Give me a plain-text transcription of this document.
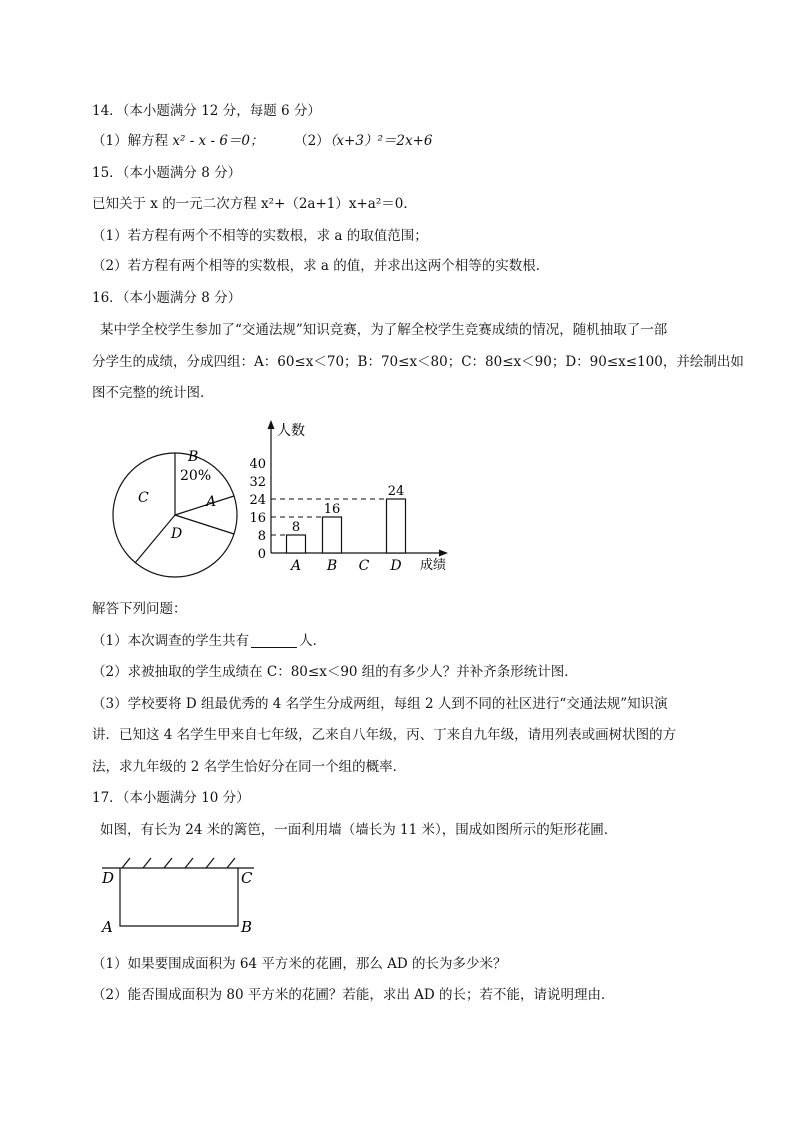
14．（本小题满分 12 分，每题 6 分）
（1）解方程 x² - x - 6＝0； （2）（x+3）²＝2x+6
15．（本小题满分 8 分）
已知关于 x 的一元二次方程 x²+（2a+1）x+a²＝0．
（1）若方程有两个不相等的实数根，求 a 的取值范围；
（2）若方程有两个相等的实数根，求 a 的值，并求出这两个相等的实数根．
16．（本小题满分 8 分）
某中学全校学生参加了“交通法规”知识竞赛，为了解全校学生竞赛成绩的情况，随机抽取了一部
分学生的成绩，分成四组：A：60≤x＜70；B：70≤x＜80；C：80≤x＜90；D：90≤x≤100，并绘制出如
图不完整的统计图．
B
20%
A
C
D
人数
成绩
0
8
16
24
32
40
8
16
24
A B C D
解答下列问题：
（1）本次调查的学生共有	人．
（2）求被抽取的学生成绩在 C：80≤x＜90 组的有多少人？并补齐条形统计图．
（3）学校要将 D 组最优秀的 4 名学生分成两组，每组 2 人到不同的社区进行“交通法规”知识演
讲．已知这 4 名学生甲来自七年级，乙来自八年级，丙、丁来自九年级，请用列表或画树状图的方
法，求九年级的 2 名学生恰好分在同一个组的概率．
17．（本小题满分 10 分）
如图，有长为 24 米的篱笆，一面利用墙（墙长为 11 米），围成如图所示的矩形花圃．
D	C
A	B
（1）如果要围成面积为 64 平方米的花圃，那么 AD 的长为多少米？
（2）能否围成面积为 80 平方米的花圃？若能，求出 AD 的长；若不能，请说明理由．
